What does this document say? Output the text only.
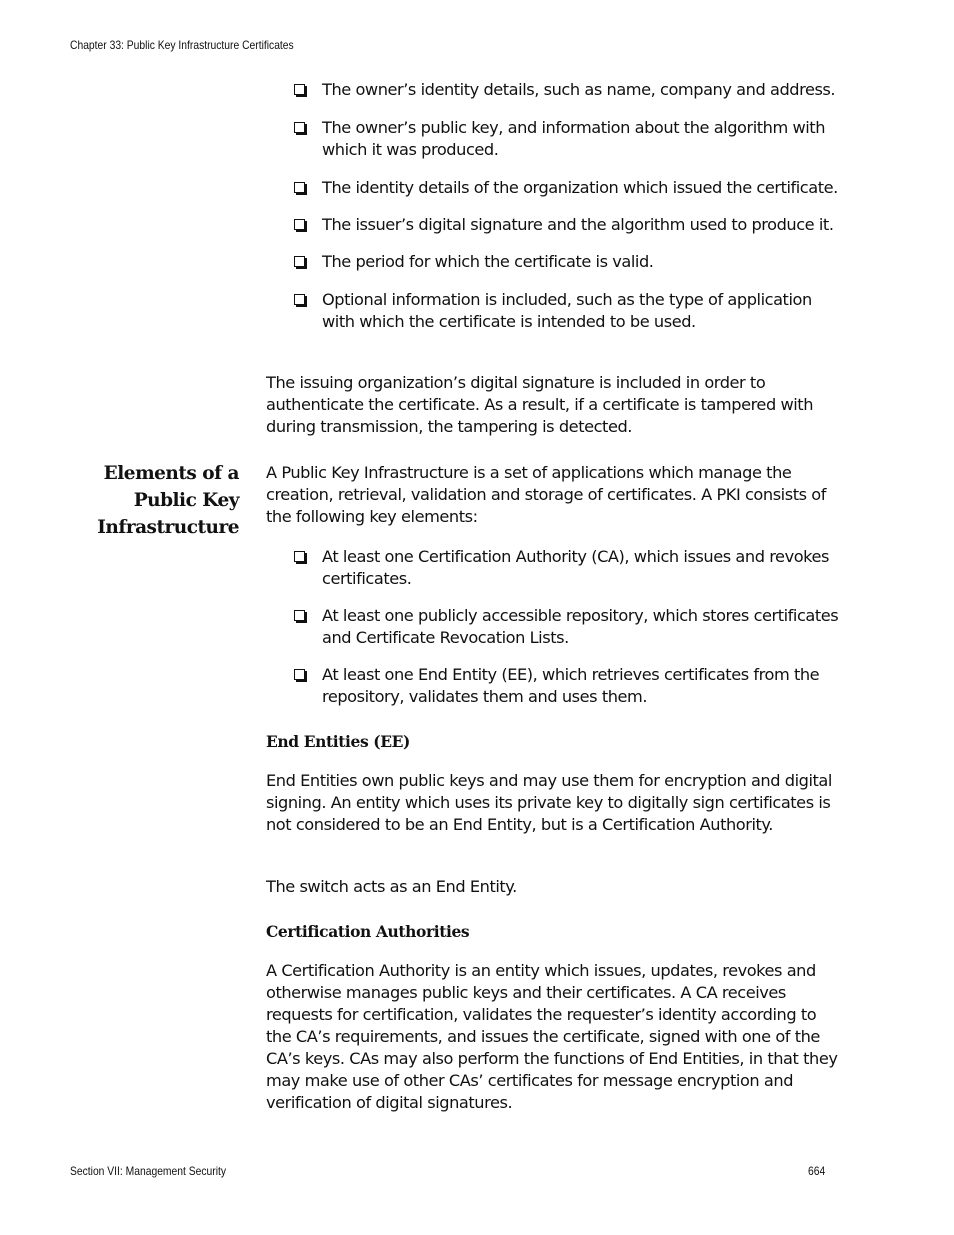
Chapter 33: Public Key Infrastructure Certificates
The owner’s identity details, such as name, company and address.
The owner’s public key, and information about the algorithm with which it was produced.
The identity details of the organization which issued the certificate.
The issuer’s digital signature and the algorithm used to produce it.
The period for which the certificate is valid.
Optional information is included, such as the type of application with which the certificate is intended to be used.

The issuing organization’s digital signature is included in order to authenticate the certificate. As a result, if a certificate is tampered with during transmission, the tampering is detected.

Elements of a
Public Key
Infrastructure

A Public Key Infrastructure is a set of applications which manage the creation, retrieval, validation and storage of certificates. A PKI consists of the following key elements:

At least one Certification Authority (CA), which issues and revokes certificates.
At least one publicly accessible repository, which stores certificates and Certificate Revocation Lists.
At least one End Entity (EE), which retrieves certificates from the repository, validates them and uses them.
End Entities (EE)

End Entities own public keys and may use them for encryption and digital signing. An entity which uses its private key to digitally sign certificates is not considered to be an End Entity, but is a Certification Authority.

The switch acts as an End Entity.

Certification Authorities

A Certification Authority is an entity which issues, updates, revokes and otherwise manages public keys and their certificates. A CA receives requests for certification, validates the requester’s identity according to the CA’s requirements, and issues the certificate, signed with one of the CA’s keys. CAs may also perform the functions of End Entities, in that they may make use of other CAs’ certificates for message encryption and verification of digital signatures.

Section VII: Management Security	664
